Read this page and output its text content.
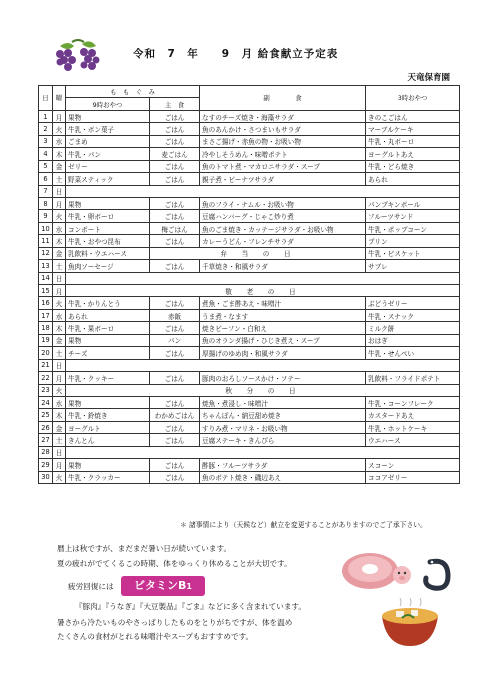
令和　7　年　　9　月 給食献立予定表
天竜保育園
日	曜	も　も　ぐ　み		副　　　　食	3時おやつ
		9時おやつ	主　食		
1	月	果物	ごはん	なすのチーズ焼き・海藻サラダ	きのこごはん
2	火	牛乳・ボン菓子	ごはん	魚のあんかけ・さつまいもサラダ	マーブルケーキ
3	水	ごまめ	ごはん	まさご揚げ・赤魚の物・お吸い物	牛乳・丸ボーロ
4	木	牛乳・パン	麦ごはん	冷やしそうめん・味噌ポテト	ヨーグルトあえ
5	金	ゼリー	ごはん	魚のトマト煮・マカロニサラダ・スープ	牛乳・どら焼き
6	土	野菜スティック	ごはん	親子煮・ビーナツサラダ	あられ
7	日				
8	月	果物	ごはん	魚のフライ・ナムル・お吸い物	パンプキンボール
9	火	牛乳・卵ボーロ	ごはん	豆腐ハンバーグ・じゃこ炒り煮	フルーツサンド
10	水	コンポート	梅ごはん	魚のごま焼き・カッテージサラダ・お吸い物	牛乳・ポップコーン
11	木	牛乳・おやつ昆布	ごはん	カレーうどん・フレンチサラダ	プリン
12	金	乳飲料・ウエハース	弁　当　の　日		牛乳・ビスケット
13	土	魚肉ソーセージ	ごはん	千草焼き・和風サラダ	サブレ
14	日				
15	月	敬　老　の　日			
16	火	牛乳・かりんとう	ごはん	煮魚・ごま酢あえ・味噌汁	ぶどうゼリー
17	水	あられ	赤飯	うま煮・なます	牛乳・スナック
18	木	牛乳・果ボーロ	ごはん	焼きビーフン・白和え	ミルク餅
19	金	果物	パン	魚のオランダ揚げ・ひじき煮え・スープ	おはぎ
20	土	チーズ	ごはん	厚揚げのゆめ肉・和風サラダ	牛乳・せんべい
21	日				
22	月	牛乳・クッキー	ごはん	豚肉のおろしソースかけ・ソテー	乳飲料・フライドポテト
23	火	秋　分　の　日			
24	水	果物	ごはん	焼魚・煮浸し・味噌汁	牛乳・コーンフレーク
25	木	牛乳・鈴焼き	わかめごはん	ちゃんぽん・納豆甜め焼き	カスタードあえ
26	金	ヨーグルト	ごはん	すりみ煮・マリネ・お吸い物	牛乳・ホットケーキ
27	土	きんとん	ごはん	豆腐ステーキ・きんぴら	ウエハース
28	日				
29	月	果物	ごはん	酢豚・フルーツサラダ	スコーン
30	火	牛乳・クラッカー	ごはん	魚のポテト焼き・磯辺あえ	ココアゼリー
＊ 諸事情により（天候など）献立を変更することがありますのでご了承下さい。

暦上は秋ですが、まだまだ暑い日が続いています。

夏の疲れがでてくるこの時期、体をゆっくり休めることが大切です。

疲労回復には

『豚肉』『うなぎ』『大豆製品』『ごま』などに多く含まれています。

暑さから冷たいものやさっぱりしたものをとりがちですが、体を温め

たくさんの食材がとれる味噌汁やスープもおすすめです。

ビタミンB1
